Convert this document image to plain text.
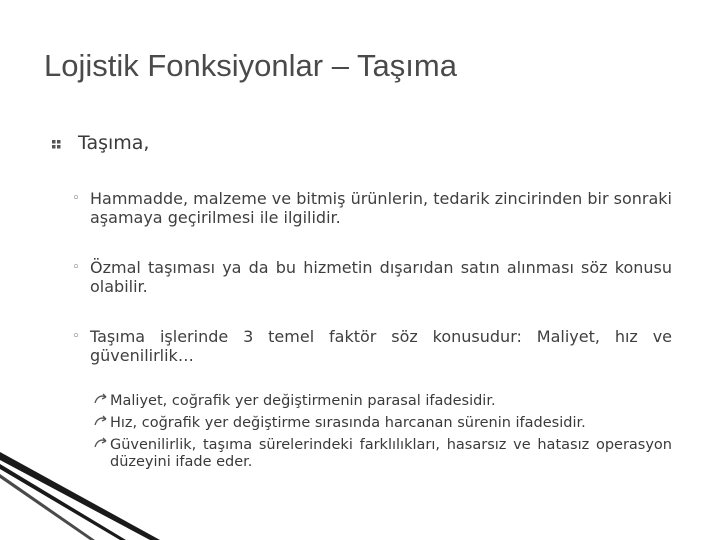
Lojistik Fonksiyonlar – Taşıma
Taşıma,
◦ Hammadde, malzeme ve bitmiş ürünlerin, tedarik zincirinden bir sonraki aşamaya geçirilmesi ile ilgilidir.
◦ Özmal taşıması ya da bu hizmetin dışarıdan satın alınması söz konusu olabilir.
◦ Taşıma işlerinde 3 temel faktör söz konusudur: Maliyet, hız ve güvenilirlik…
Maliyet, coğrafik yer değiştirmenin parasal ifadesidir.
Hız, coğrafik yer değiştirme sırasında harcanan sürenin ifadesidir.
Güvenilirlik, taşıma sürelerindeki farklılıkları, hasarsız ve hatasız operasyon düzeyini ifade eder.
